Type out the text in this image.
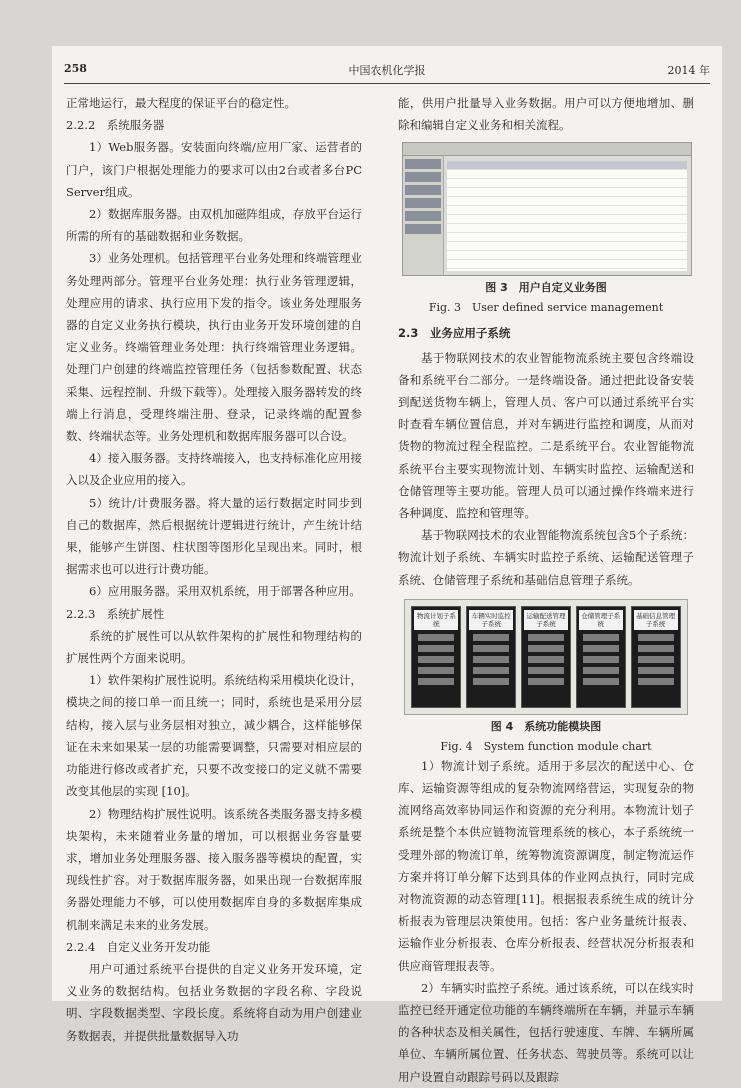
258	中国农机化学报	2014 年

正常地运行，最大程度的保证平台的稳定性。

2.2.2　系统服务器

1）Web服务器。安装面向终端/应用厂家、运营者的门户，该门户根据处理能力的要求可以由2台或者多台PC Server组成。

2）数据库服务器。由双机加磁阵组成，存放平台运行所需的所有的基础数据和业务数据。

3）业务处理机。包括管理平台业务处理和终端管理业务处理两部分。管理平台业务处理：执行业务管理逻辑，处理应用的请求、执行应用下发的指令。该业务处理服务器的自定义业务执行模块，执行由业务开发环境创建的自定义业务。终端管理业务处理：执行终端管理业务逻辑。处理门户创建的终端监控管理任务（包括参数配置、状态采集、远程控制、升级下载等）。处理接入服务器转发的终端上行消息，受理终端注册、登录，记录终端的配置参数、终端状态等。业务处理机和数据库服务器可以合设。

4）接入服务器。支持终端接入，也支持标准化应用接入以及企业应用的接入。

5）统计/计费服务器。将大量的运行数据定时同步到自己的数据库，然后根据统计逻辑进行统计，产生统计结果，能够产生饼图、柱状图等图形化呈现出来。同时，根据需求也可以进行计费功能。

6）应用服务器。采用双机系统，用于部署各种应用。

2.2.3　系统扩展性

系统的扩展性可以从软件架构的扩展性和物理结构的扩展性两个方面来说明。

1）软件架构扩展性说明。系统结构采用模块化设计，模块之间的接口单一而且统一；同时，系统也是采用分层结构，接入层与业务层相对独立，减少耦合，这样能够保证在未来如果某一层的功能需要调整，只需要对相应层的功能进行修改或者扩充，只要不改变接口的定义就不需要改变其他层的实现 [10]。

2）物理结构扩展性说明。该系统各类服务器支持多模块架构，未来随着业务量的增加，可以根据业务容量要求，增加业务处理服务器、接入服务器等模块的配置，实现线性扩容。对于数据库服务器，如果出现一台数据库服务器处理能力不够，可以使用数据库自身的多数据库集成机制来满足未来的业务发展。

2.2.4　自定义业务开发功能

用户可通过系统平台提供的自定义业务开发环境，定义业务的数据结构。包括业务数据的字段名称、字段说明、字段数据类型、字段长度。系统将自动为用户创建业务数据表，并提供批量数据导入功

能，供用户批量导入业务数据。用户可以方便地增加、删除和编辑自定义业务和相关流程。

图 3　用户自定义业务图
Fig. 3　User defined service management

2.3　业务应用子系统

基于物联网技术的农业智能物流系统主要包含终端设备和系统平台二部分。一是终端设备。通过把此设备安装到配送货物车辆上，管理人员、客户可以通过系统平台实时查看车辆位置信息，并对车辆进行监控和调度，从而对货物的物流过程全程监控。二是系统平台。农业智能物流系统平台主要实现物流计划、车辆实时监控、运输配送和仓储管理等主要功能。管理人员可以通过操作终端来进行各种调度、监控和管理等。

基于物联网技术的农业智能物流系统包含5个子系统：物流计划子系统、车辆实时监控子系统、运输配送管理子系统、仓储管理子系统和基础信息管理子系统。

物流计划子系统
车辆实时监控子系统
运输配送管理子系统
仓储管理子系统
基础信息管理子系统
图 4　系统功能模块图
Fig. 4　System function module chart

1）物流计划子系统。适用于多层次的配送中心、仓库、运输资源等组成的复杂物流网络营运，实现复杂的物流网络高效率协同运作和资源的充分利用。本物流计划子系统是整个本供应链物流管理系统的核心，本子系统统一受理外部的物流订单，统筹物流资源调度，制定物流运作方案并将订单分解下达到具体的作业网点执行，同时完成对物流资源的动态管理[11]。根据报表系统生成的统计分析报表为管理层决策使用。包括：客户业务量统计报表、运输作业分析报表、仓库分析报表、经营状况分析报表和供应商管理报表等。

2）车辆实时监控子系统。通过该系统，可以在线实时监控已经开通定位功能的车辆终端所在车辆，并显示车辆的各种状态及相关属性，包括行驶速度、车牌、车辆所属单位、车辆所属位置、任务状态、驾驶员等。系统可以让用户设置自动跟踪号码以及跟踪
